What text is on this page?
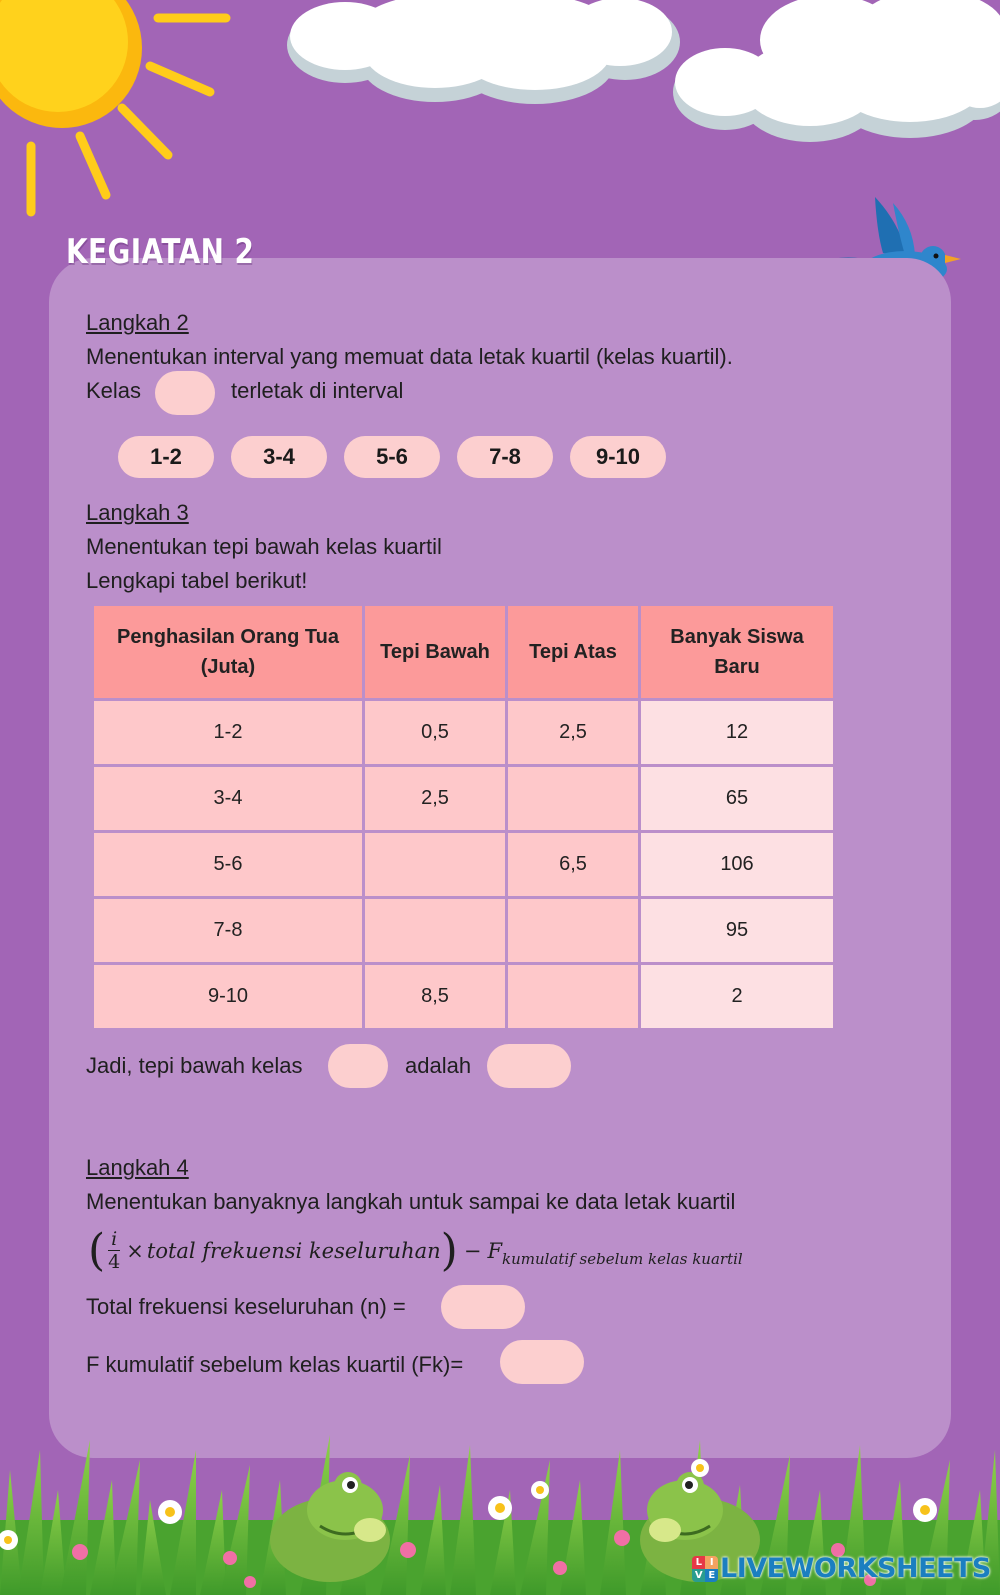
KEGIATAN 2
Langkah 2
Menentukan interval yang memuat data letak kuartil (kelas kuartil).
Kelas	terletak di interval
1-2	3-4	5-6	7-8	9-10
Langkah 3
Menentukan tepi bawah kelas kuartil
Lengkapi tabel berikut!
Penghasilan Orang Tua (Juta)	Tepi Bawah	Tepi Atas	Banyak Siswa Baru
1-2	0,5	2,5	12
3-4	2,5		65
5-6		6,5	106
7-8			95
9-10	8,5		2
Jadi, tepi bawah kelas	adalah
Langkah 4
Menentukan banyaknya langkah untuk sampai ke data letak kuartil
( $\frac{i}{4}$ × total frekuensi keseluruhan ) − F kumulatif sebelum kelas kuartil
Total frekuensi keseluruhan (n) =
F kumulatif sebelum kelas kuartil (Fk)=
L I
V E LIVEWORKSHEETS
